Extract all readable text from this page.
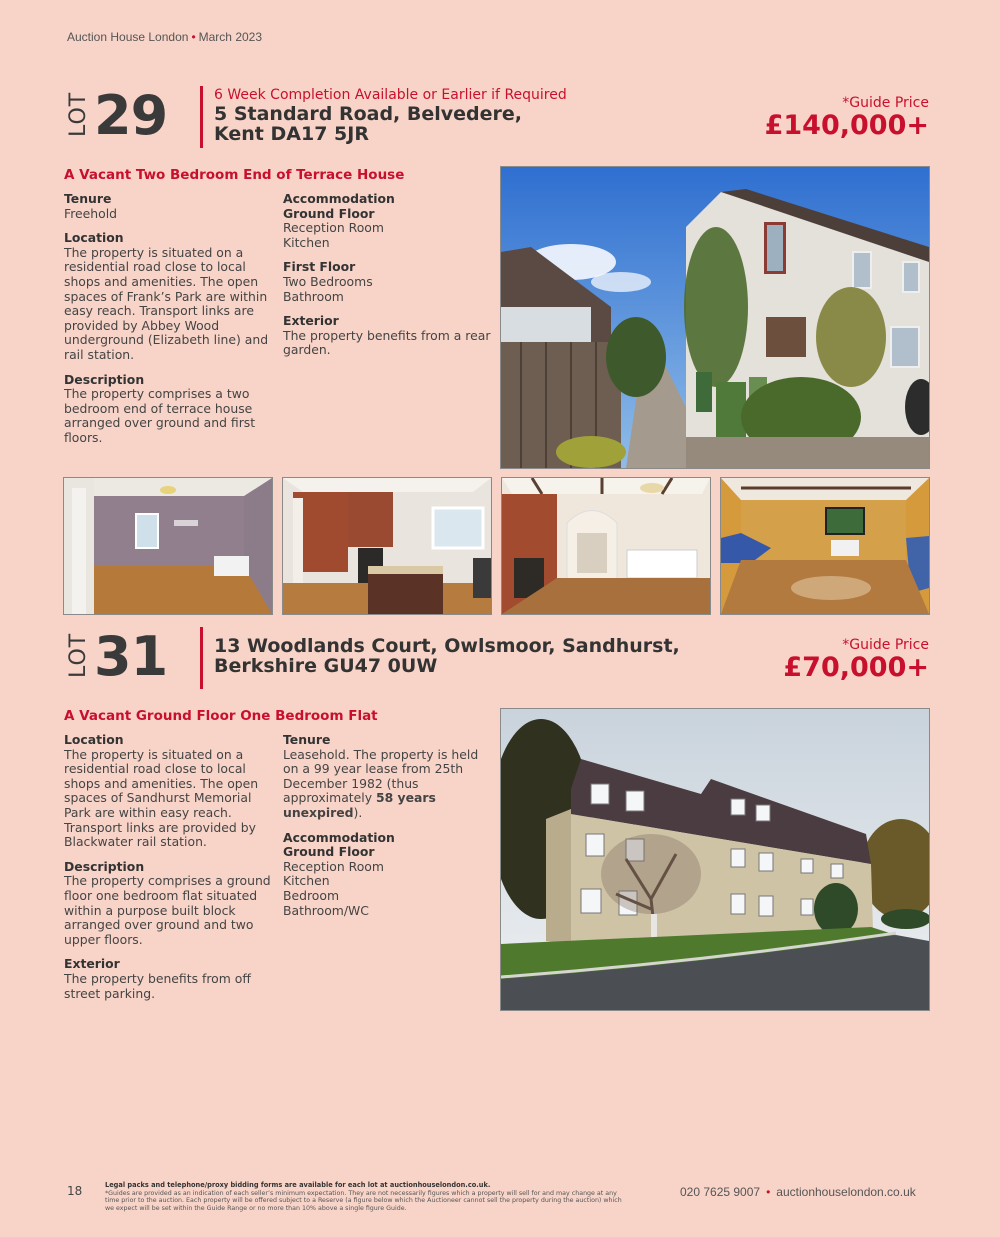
Auction House London • March 2023
LOT 29	6 Week Completion Available or Earlier if Required
5 Standard Road, Belvedere,
Kent DA17 5JR
*Guide Price
£140,000+
A Vacant Two Bedroom End of Terrace House
Tenure
Freehold
Location
The property is situated on a residential road close to local shops and amenities. The open spaces of Frank’s Park are within easy reach. Transport links are provided by Abbey Wood underground (Elizabeth line) and rail station.
Description
The property comprises a two bedroom end of terrace house arranged over ground and first floors.
Accommodation
Ground Floor
Reception Room
Kitchen
First Floor
Two Bedrooms
Bathroom
Exterior
The property benefits from a rear garden.
LOT 31 13 Woodlands Court, Owlsmoor, Sandhurst,
Berkshire GU47 0UW
*Guide Price
£70,000+
A Vacant Ground Floor One Bedroom Flat
Location
The property is situated on a residential road close to local shops and amenities. The open spaces of Sandhurst Memorial Park are within easy reach. Transport links are provided by Blackwater rail station.
Description
The property comprises a ground floor one bedroom flat situated within a purpose built block arranged over ground and two upper floors.
Exterior
The property benefits from off street parking.
Tenure
Leasehold. The property is held on a 99 year lease from 25th December 1982 (thus approximately 58 years unexpired).
Accommodation
Ground Floor
Reception Room
Kitchen
Bedroom
Bathroom/WC
18	Legal packs and telephone/proxy bidding forms are available for each lot at auctionhouselondon.co.uk.
*Guides are provided as an indication of each seller’s minimum expectation. They are not necessarily figures which a property will sell for and may change at any time prior to the auction. Each property will be offered subject to a Reserve (a figure below which the Auctioneer cannot sell the property during the auction) which we expect will be set within the Guide Range or no more than 10% above a single figure Guide.
020 7625 9007 • auctionhouselondon.co.uk
